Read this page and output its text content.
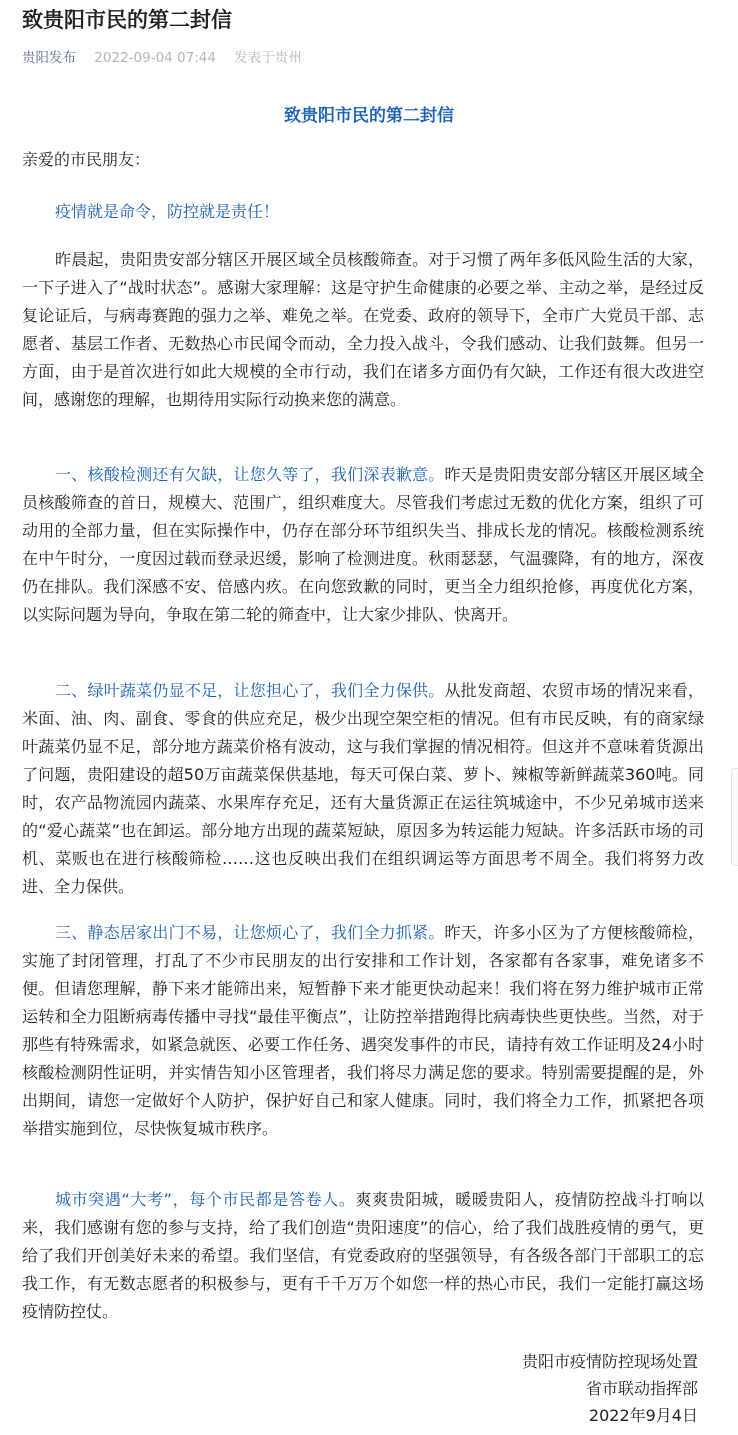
致贵阳市民的第二封信
贵阳发布 2022-09-04 07:44 发表于贵州
致贵阳市民的第二封信

亲爱的市民朋友：

疫情就是命令，防控就是责任！

昨晨起，贵阳贵安部分辖区开展区域全员核酸筛查。对于习惯了两年多低风险生活的大家，一下子进入了“战时状态”。感谢大家理解：这是守护生命健康的必要之举、主动之举，是经过反复论证后，与病毒赛跑的强力之举、难免之举。在党委、政府的领导下，全市广大党员干部、志愿者、基层工作者、无数热心市民闻令而动，全力投入战斗，令我们感动、让我们鼓舞。但另一方面，由于是首次进行如此大规模的全市行动，我们在诸多方面仍有欠缺，工作还有很大改进空间，感谢您的理解，也期待用实际行动换来您的满意。

一、核酸检测还有欠缺，让您久等了，我们深表歉意。昨天是贵阳贵安部分辖区开展区域全员核酸筛查的首日，规模大、范围广，组织难度大。尽管我们考虑过无数的优化方案，组织了可动用的全部力量，但在实际操作中，仍存在部分环节组织失当、排成长龙的情况。核酸检测系统在中午时分，一度因过载而登录迟缓，影响了检测进度。秋雨瑟瑟，气温骤降，有的地方，深夜仍在排队。我们深感不安、倍感内疚。在向您致歉的同时，更当全力组织抢修，再度优化方案，以实际问题为导向，争取在第二轮的筛查中，让大家少排队、快离开。

二、绿叶蔬菜仍显不足，让您担心了，我们全力保供。从批发商超、农贸市场的情况来看，米面、油、肉、副食、零食的供应充足，极少出现空架空柜的情况。但有市民反映，有的商家绿叶蔬菜仍显不足，部分地方蔬菜价格有波动，这与我们掌握的情况相符。但这并不意味着货源出了问题，贵阳建设的超50万亩蔬菜保供基地，每天可保白菜、萝卜、辣椒等新鲜蔬菜360吨。同时，农产品物流园内蔬菜、水果库存充足，还有大量货源正在运往筑城途中，不少兄弟城市送来的“爱心蔬菜”也在卸运。部分地方出现的蔬菜短缺，原因多为转运能力短缺。许多活跃市场的司机、菜贩也在进行核酸筛检……这也反映出我们在组织调运等方面思考不周全。我们将努力改进、全力保供。

三、静态居家出门不易，让您烦心了，我们全力抓紧。昨天，许多小区为了方便核酸筛检，实施了封闭管理，打乱了不少市民朋友的出行安排和工作计划，各家都有各家事，难免诸多不便。但请您理解，静下来才能筛出来，短暂静下来才能更快动起来！我们将在努力维护城市正常运转和全力阻断病毒传播中寻找“最佳平衡点”，让防控举措跑得比病毒快些更快些。当然，对于那些有特殊需求，如紧急就医、必要工作任务、遇突发事件的市民，请持有效工作证明及24小时核酸检测阴性证明，并实情告知小区管理者，我们将尽力满足您的要求。特别需要提醒的是，外出期间，请您一定做好个人防护，保护好自己和家人健康。同时，我们将全力工作，抓紧把各项举措实施到位，尽快恢复城市秩序。

城市突遇“大考”，每个市民都是答卷人。爽爽贵阳城，暖暖贵阳人，疫情防控战斗打响以来，我们感谢有您的参与支持，给了我们创造“贵阳速度”的信心，给了我们战胜疫情的勇气，更给了我们开创美好未来的希望。我们坚信，有党委政府的坚强领导，有各级各部门干部职工的忘我工作，有无数志愿者的积极参与，更有千千万万个如您一样的热心市民，我们一定能打赢这场疫情防控仗。

贵阳市疫情防控现场处置
省市联动指挥部
2022年9月4日
